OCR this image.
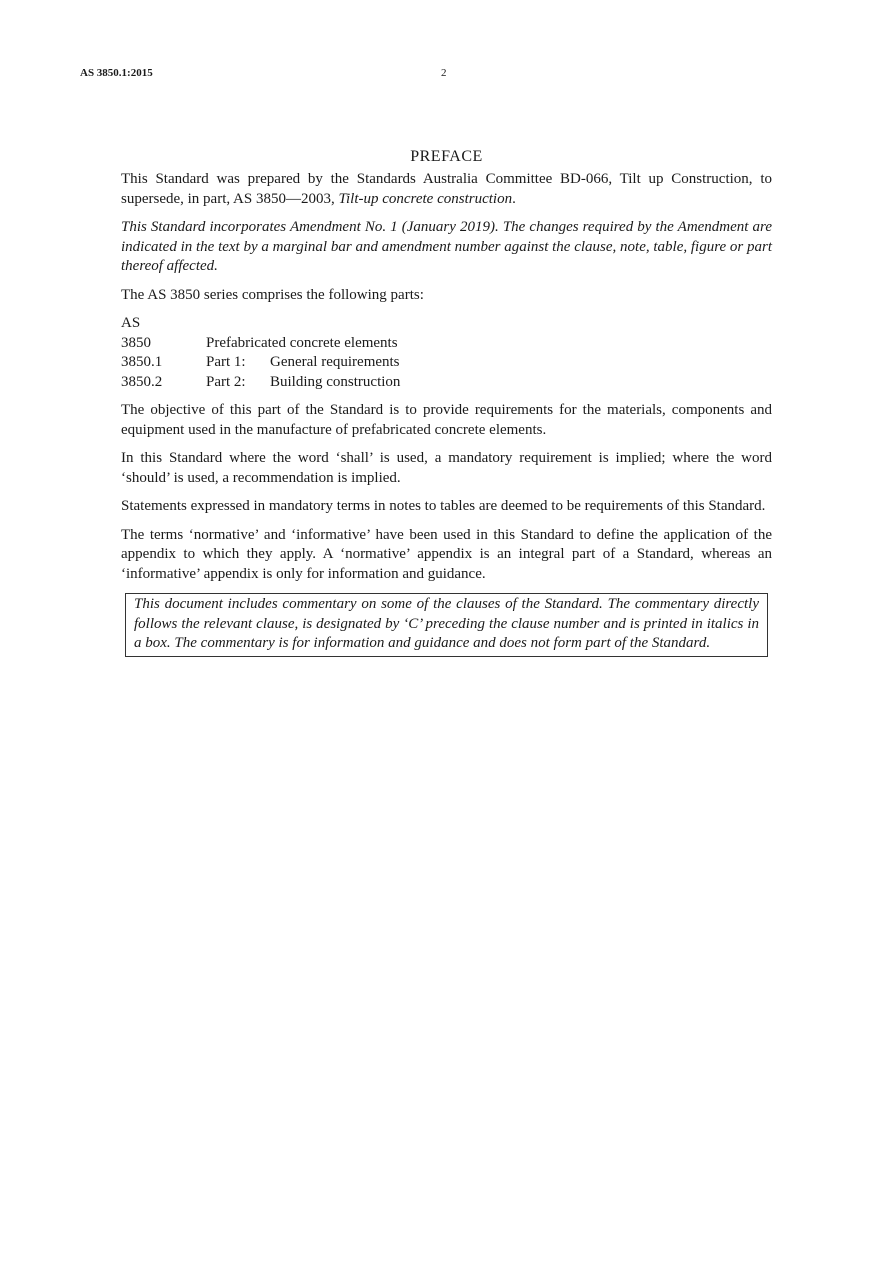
AS 3850.1:2015	2
PREFACE

This Standard was prepared by the Standards Australia Committee BD-066, Tilt up Construction, to supersede, in part, AS 3850—2003, Tilt-up concrete construction.

This Standard incorporates Amendment No. 1 (January 2019). The changes required by the Amendment are indicated in the text by a marginal bar and amendment number against the clause, note, table, figure or part thereof affected.

The AS 3850 series comprises the following parts:

AS		
3850	Prefabricated concrete elements	
3850.1	Part 1:	General requirements
3850.2	Part 2:	Building construction

The objective of this part of the Standard is to provide requirements for the materials, components and equipment used in the manufacture of prefabricated concrete elements.

In this Standard where the word ‘shall’ is used, a mandatory requirement is implied; where the word ‘should’ is used, a recommendation is implied.

Statements expressed in mandatory terms in notes to tables are deemed to be requirements of this Standard.

The terms ‘normative’ and ‘informative’ have been used in this Standard to define the application of the appendix to which they apply. A ‘normative’ appendix is an integral part of a Standard, whereas an ‘informative’ appendix is only for information and guidance.

This document includes commentary on some of the clauses of the Standard. The commentary directly follows the relevant clause, is designated by ‘C’ preceding the clause number and is printed in italics in a box. The commentary is for information and guidance and does not form part of the Standard.
